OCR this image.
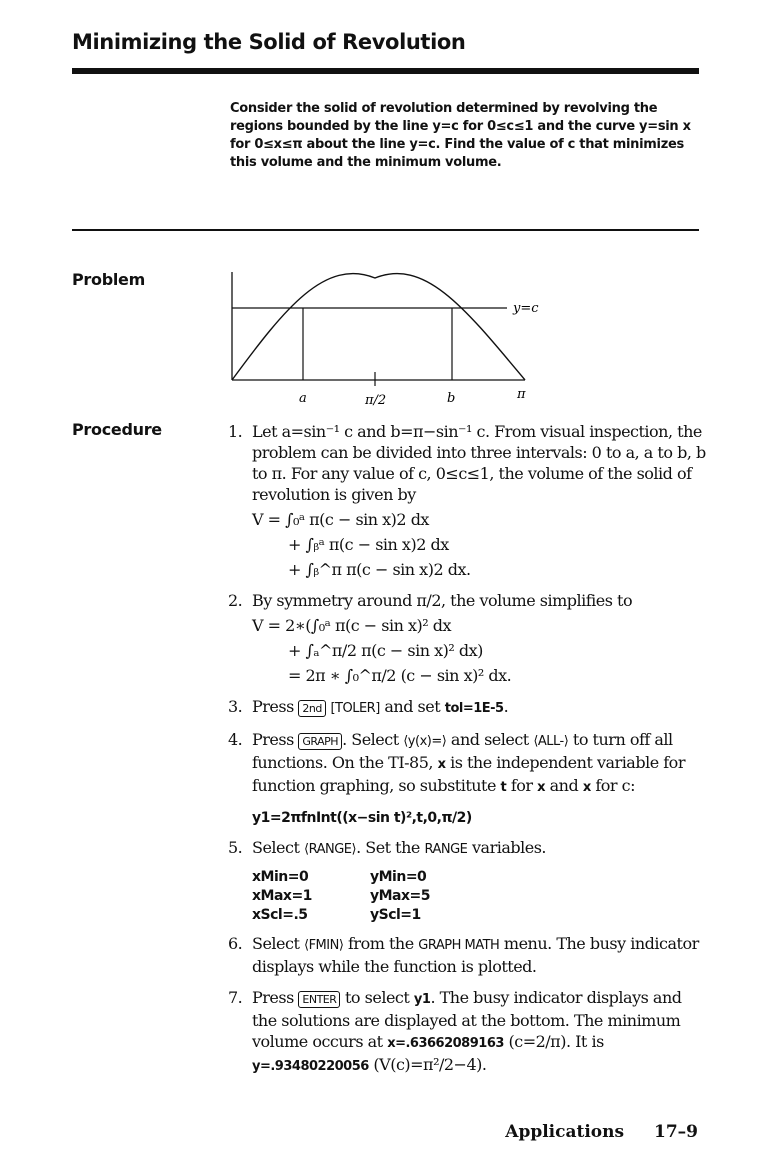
Minimizing the Solid of Revolution
Consider the solid of revolution determined by revolving the regions bounded by the line y=c for 0≤c≤1 and the curve y=sin x for 0≤x≤π about the line y=c. Find the value of c that minimizes this volume and the minimum volume.
Problem
Procedure
y=c
a	π/2	b	π
1. Let a=sin⁻¹ c and b=π−sin⁻¹ c. From visual inspection, the problem can be divided into three intervals: 0 to a, a to b, b to π. For any value of c, 0≤c≤1, the volume of the solid of revolution is given by
V = ∫₀ᵃ π(c − sin x)2 dx
+ ∫ᵦᵃ π(c − sin x)2 dx
+ ∫ᵦ^π π(c − sin x)2 dx.
2. By symmetry around π/2, the volume simplifies to
V = 2∗(∫₀ᵃ π(c − sin x)² dx
+ ∫ₐ^π/2 π(c − sin x)² dx)
= 2π ∗ ∫₀^π/2 (c − sin x)² dx.
3. Press 2nd [TOLER] and set tol=1E-5.
4. Press GRAPH . Select ⟨y(x)=⟩ and select ⟨ALL-⟩ to turn off all functions. On the TI-85, x is the independent variable for function graphing, so substitute t for x and x for c:
y1=2πfnInt((x−sin t)²,t,0,π/2)
5. Select ⟨RANGE⟩. Set the RANGE variables.
xMin=0	yMin=0
xMax=1	yMax=5
xScl=.5	yScl=1
6. Select ⟨FMIN⟩ from the GRAPH MATH menu. The busy indicator displays while the function is plotted.
7. Press ENTER to select y1. The busy indicator displays and the solutions are displayed at the bottom. The minimum volume occurs at x=.63662089163 (c=2/π). It is y=.93480220056 (V(c)=π²/2−4).
Applications 17–9
